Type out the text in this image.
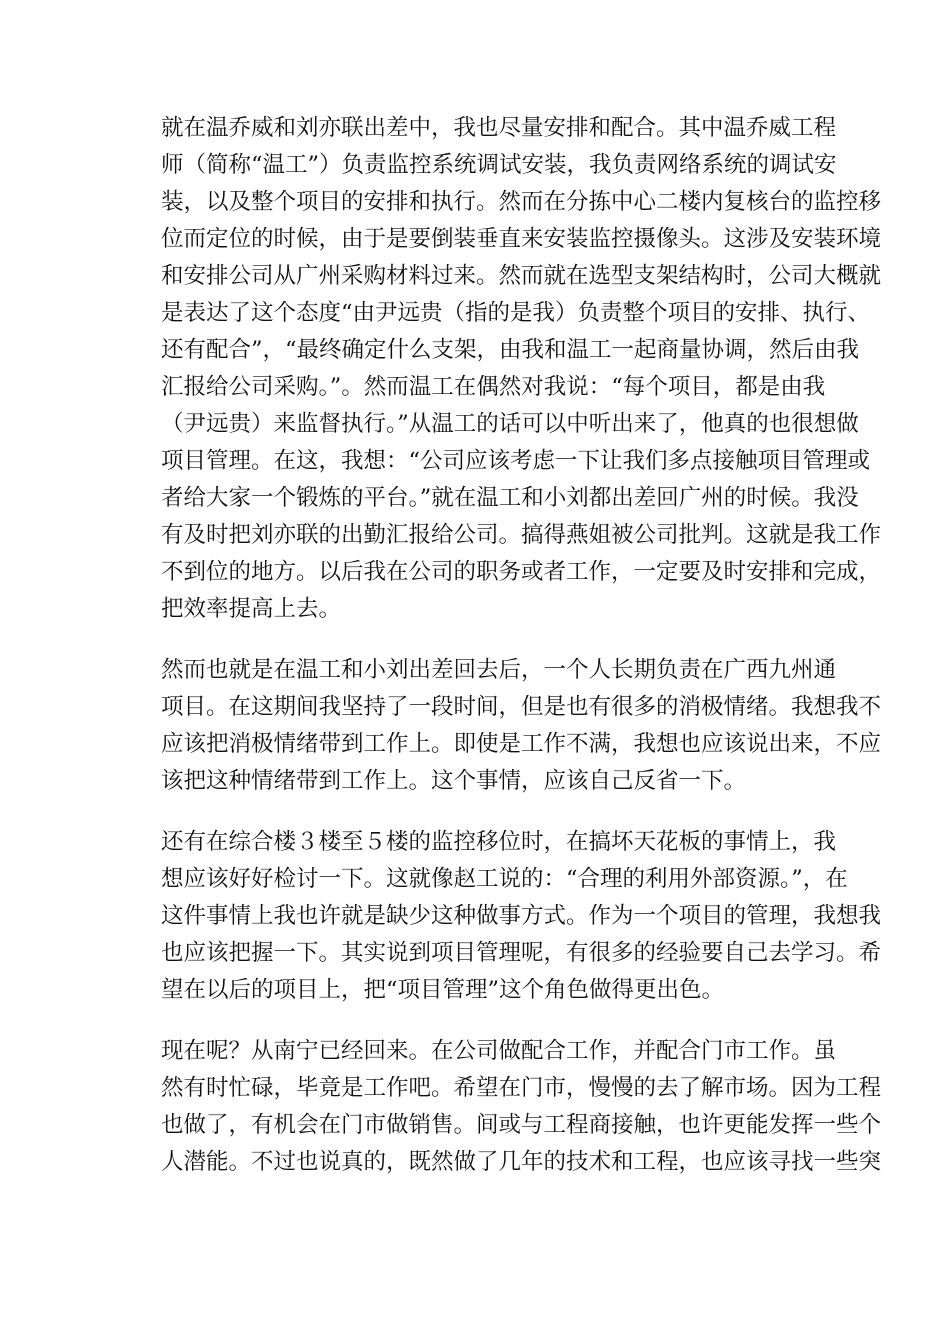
就在温乔威和刘亦联出差中，我也尽量安排和配合。其中温乔威工程
师（简称“温工”）负责监控系统调试安装，我负责网络系统的调试安
装，以及整个项目的安排和执行。然而在分拣中心二楼内复核台的监控移
位而定位的时候，由于是要倒装垂直来安装监控摄像头。这涉及安装环境
和安排公司从广州采购材料过来。然而就在选型支架结构时，公司大概就
是表达了这个态度“由尹远贵（指的是我）负责整个项目的安排、执行、
还有配合”，“最终确定什么支架，由我和温工一起商量协调，然后由我
汇报给公司采购。”。然而温工在偶然对我说：“每个项目，都是由我
（尹远贵）来监督执行。”从温工的话可以中听出来了，他真的也很想做
项目管理。在这，我想：“公司应该考虑一下让我们多点接触项目管理或
者给大家一个锻炼的平台。”就在温工和小刘都出差回广州的时候。我没
有及时把刘亦联的出勤汇报给公司。搞得燕姐被公司批判。这就是我工作
不到位的地方。以后我在公司的职务或者工作，一定要及时安排和完成，
把效率提高上去。

然而也就是在温工和小刘出差回去后，一个人长期负责在广西九州通
项目。在这期间我坚持了一段时间，但是也有很多的消极情绪。我想我不
应该把消极情绪带到工作上。即使是工作不满，我想也应该说出来，不应
该把这种情绪带到工作上。这个事情，应该自己反省一下。

还有在综合楼３楼至５楼的监控移位时，在搞坏天花板的事情上，我
想应该好好检讨一下。这就像赵工说的：“合理的利用外部资源。”，在
这件事情上我也许就是缺少这种做事方式。作为一个项目的管理，我想我
也应该把握一下。其实说到项目管理呢，有很多的经验要自己去学习。希
望在以后的项目上，把“项目管理”这个角色做得更出色。

现在呢？从南宁已经回来。在公司做配合工作，并配合门市工作。虽
然有时忙碌，毕竟是工作吧。希望在门市，慢慢的去了解市场。因为工程
也做了，有机会在门市做销售。间或与工程商接触，也许更能发挥一些个
人潜能。不过也说真的，既然做了几年的技术和工程，也应该寻找一些突
